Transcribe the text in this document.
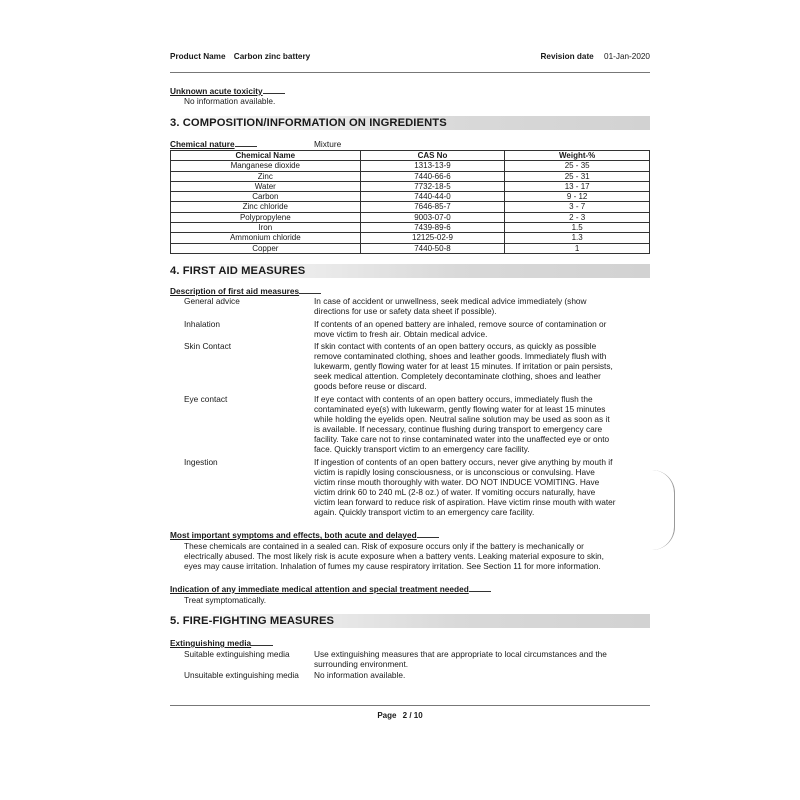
Product Name Carbon zinc battery	Revision date 01-Jan-2020
Unknown acute toxicity
No information available.
3. COMPOSITION/INFORMATION ON INGREDIENTS
Chemical nature	Mixture
Chemical Name	CAS No	Weight-%
Manganese dioxide	1313-13-9	25 - 35
Zinc	7440-66-6	25 - 31
Water	7732-18-5	13 - 17
Carbon	7440-44-0	9 - 12
Zinc chloride	7646-85-7	3 - 7
Polypropylene	9003-07-0	2 - 3
Iron	7439-89-6	1.5
Ammonium chloride	12125-02-9	1.3
Copper	7440-50-8	1
4. FIRST AID MEASURES
Description of first aid measures
General advice	In case of accident or unwellness, seek medical advice immediately (show
directions for use or safety data sheet if possible).
Inhalation	If contents of an opened battery are inhaled, remove source of contamination or
move victim to fresh air. Obtain medical advice.
Skin Contact	If skin contact with contents of an open battery occurs, as quickly as possible
remove contaminated clothing, shoes and leather goods. Immediately flush with
lukewarm, gently flowing water for at least 15 minutes. If irritation or pain persists,
seek medical attention. Completely decontaminate clothing, shoes and leather
goods before reuse or discard.
Eye contact	If eye contact with contents of an open battery occurs, immediately flush the
contaminated eye(s) with lukewarm, gently flowing water for at least 15 minutes
while holding the eyelids open. Neutral saline solution may be used as soon as it
is available. If necessary, continue flushing during transport to emergency care
facility. Take care not to rinse contaminated water into the unaffected eye or onto
face. Quickly transport victim to an emergency care facility.
Ingestion	If ingestion of contents of an open battery occurs, never give anything by mouth if
victim is rapidly losing consciousness, or is unconscious or convulsing. Have
victim rinse mouth thoroughly with water. DO NOT INDUCE VOMITING. Have
victim drink 60 to 240 mL (2-8 oz.) of water. If vomiting occurs naturally, have
victim lean forward to reduce risk of aspiration. Have victim rinse mouth with water
again. Quickly transport victim to an emergency care facility.
Most important symptoms and effects, both acute and delayed
These chemicals are contained in a sealed can. Risk of exposure occurs only if the battery is mechanically or
electrically abused. The most likely risk is acute exposure when a battery vents. Leaking material exposure to skin,
eyes may cause irritation. Inhalation of fumes my cause respiratory irritation. See Section 11 for more information.
Indication of any immediate medical attention and special treatment needed
Treat symptomatically.
5. FIRE-FIGHTING MEASURES
Extinguishing media
Suitable extinguishing media	Use extinguishing measures that are appropriate to local circumstances and the
surrounding environment.
Unsuitable extinguishing media No information available.
Page 2 / 10
